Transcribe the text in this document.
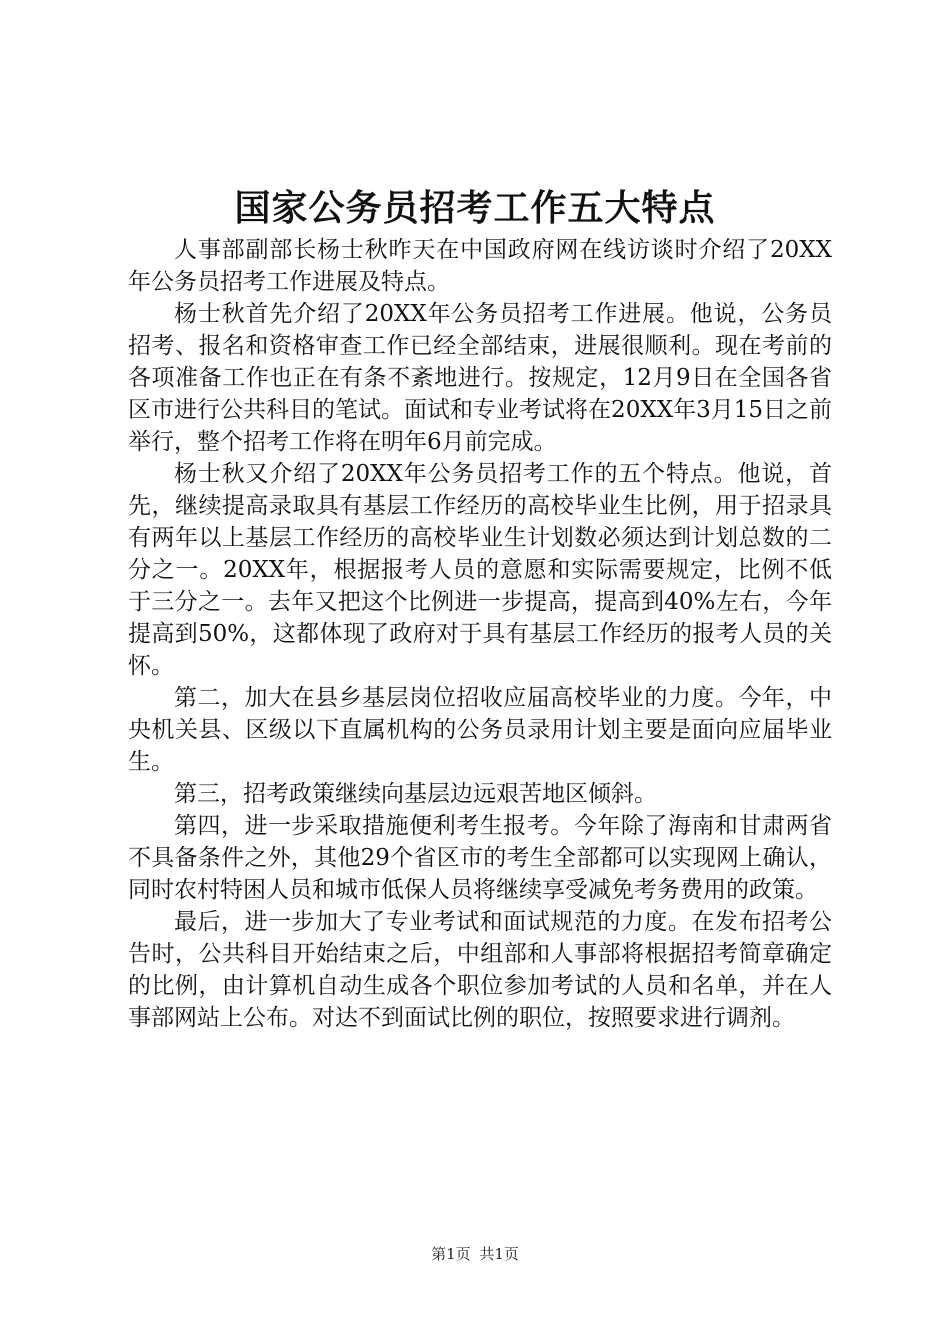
国家公务员招考工作五大特点

人事部副部长杨士秋昨天在中国政府网在线访谈时介绍了20XX年公务员招考工作进展及特点。

杨士秋首先介绍了20XX年公务员招考工作进展。他说，公务员招考、报名和资格审查工作已经全部结束，进展很顺利。现在考前的各项准备工作也正在有条不紊地进行。按规定，12月9日在全国各省区市进行公共科目的笔试。面试和专业考试将在20XX年3月15日之前举行，整个招考工作将在明年6月前完成。

杨士秋又介绍了20XX年公务员招考工作的五个特点。他说，首先，继续提高录取具有基层工作经历的高校毕业生比例，用于招录具有两年以上基层工作经历的高校毕业生计划数必须达到计划总数的二分之一。20XX年，根据报考人员的意愿和实际需要规定，比例不低于三分之一。去年又把这个比例进一步提高，提高到40%左右，今年提高到50%，这都体现了政府对于具有基层工作经历的报考人员的关怀。

第二，加大在县乡基层岗位招收应届高校毕业的力度。今年，中央机关县、区级以下直属机构的公务员录用计划主要是面向应届毕业生。

第三，招考政策继续向基层边远艰苦地区倾斜。

第四，进一步采取措施便利考生报考。今年除了海南和甘肃两省不具备条件之外，其他29个省区市的考生全部都可以实现网上确认，同时农村特困人员和城市低保人员将继续享受减免考务费用的政策。

最后，进一步加大了专业考试和面试规范的力度。在发布招考公告时，公共科目开始结束之后，中组部和人事部将根据招考简章确定的比例，由计算机自动生成各个职位参加考试的人员和名单，并在人事部网站上公布。对达不到面试比例的职位，按照要求进行调剂。

第1页 共1页
